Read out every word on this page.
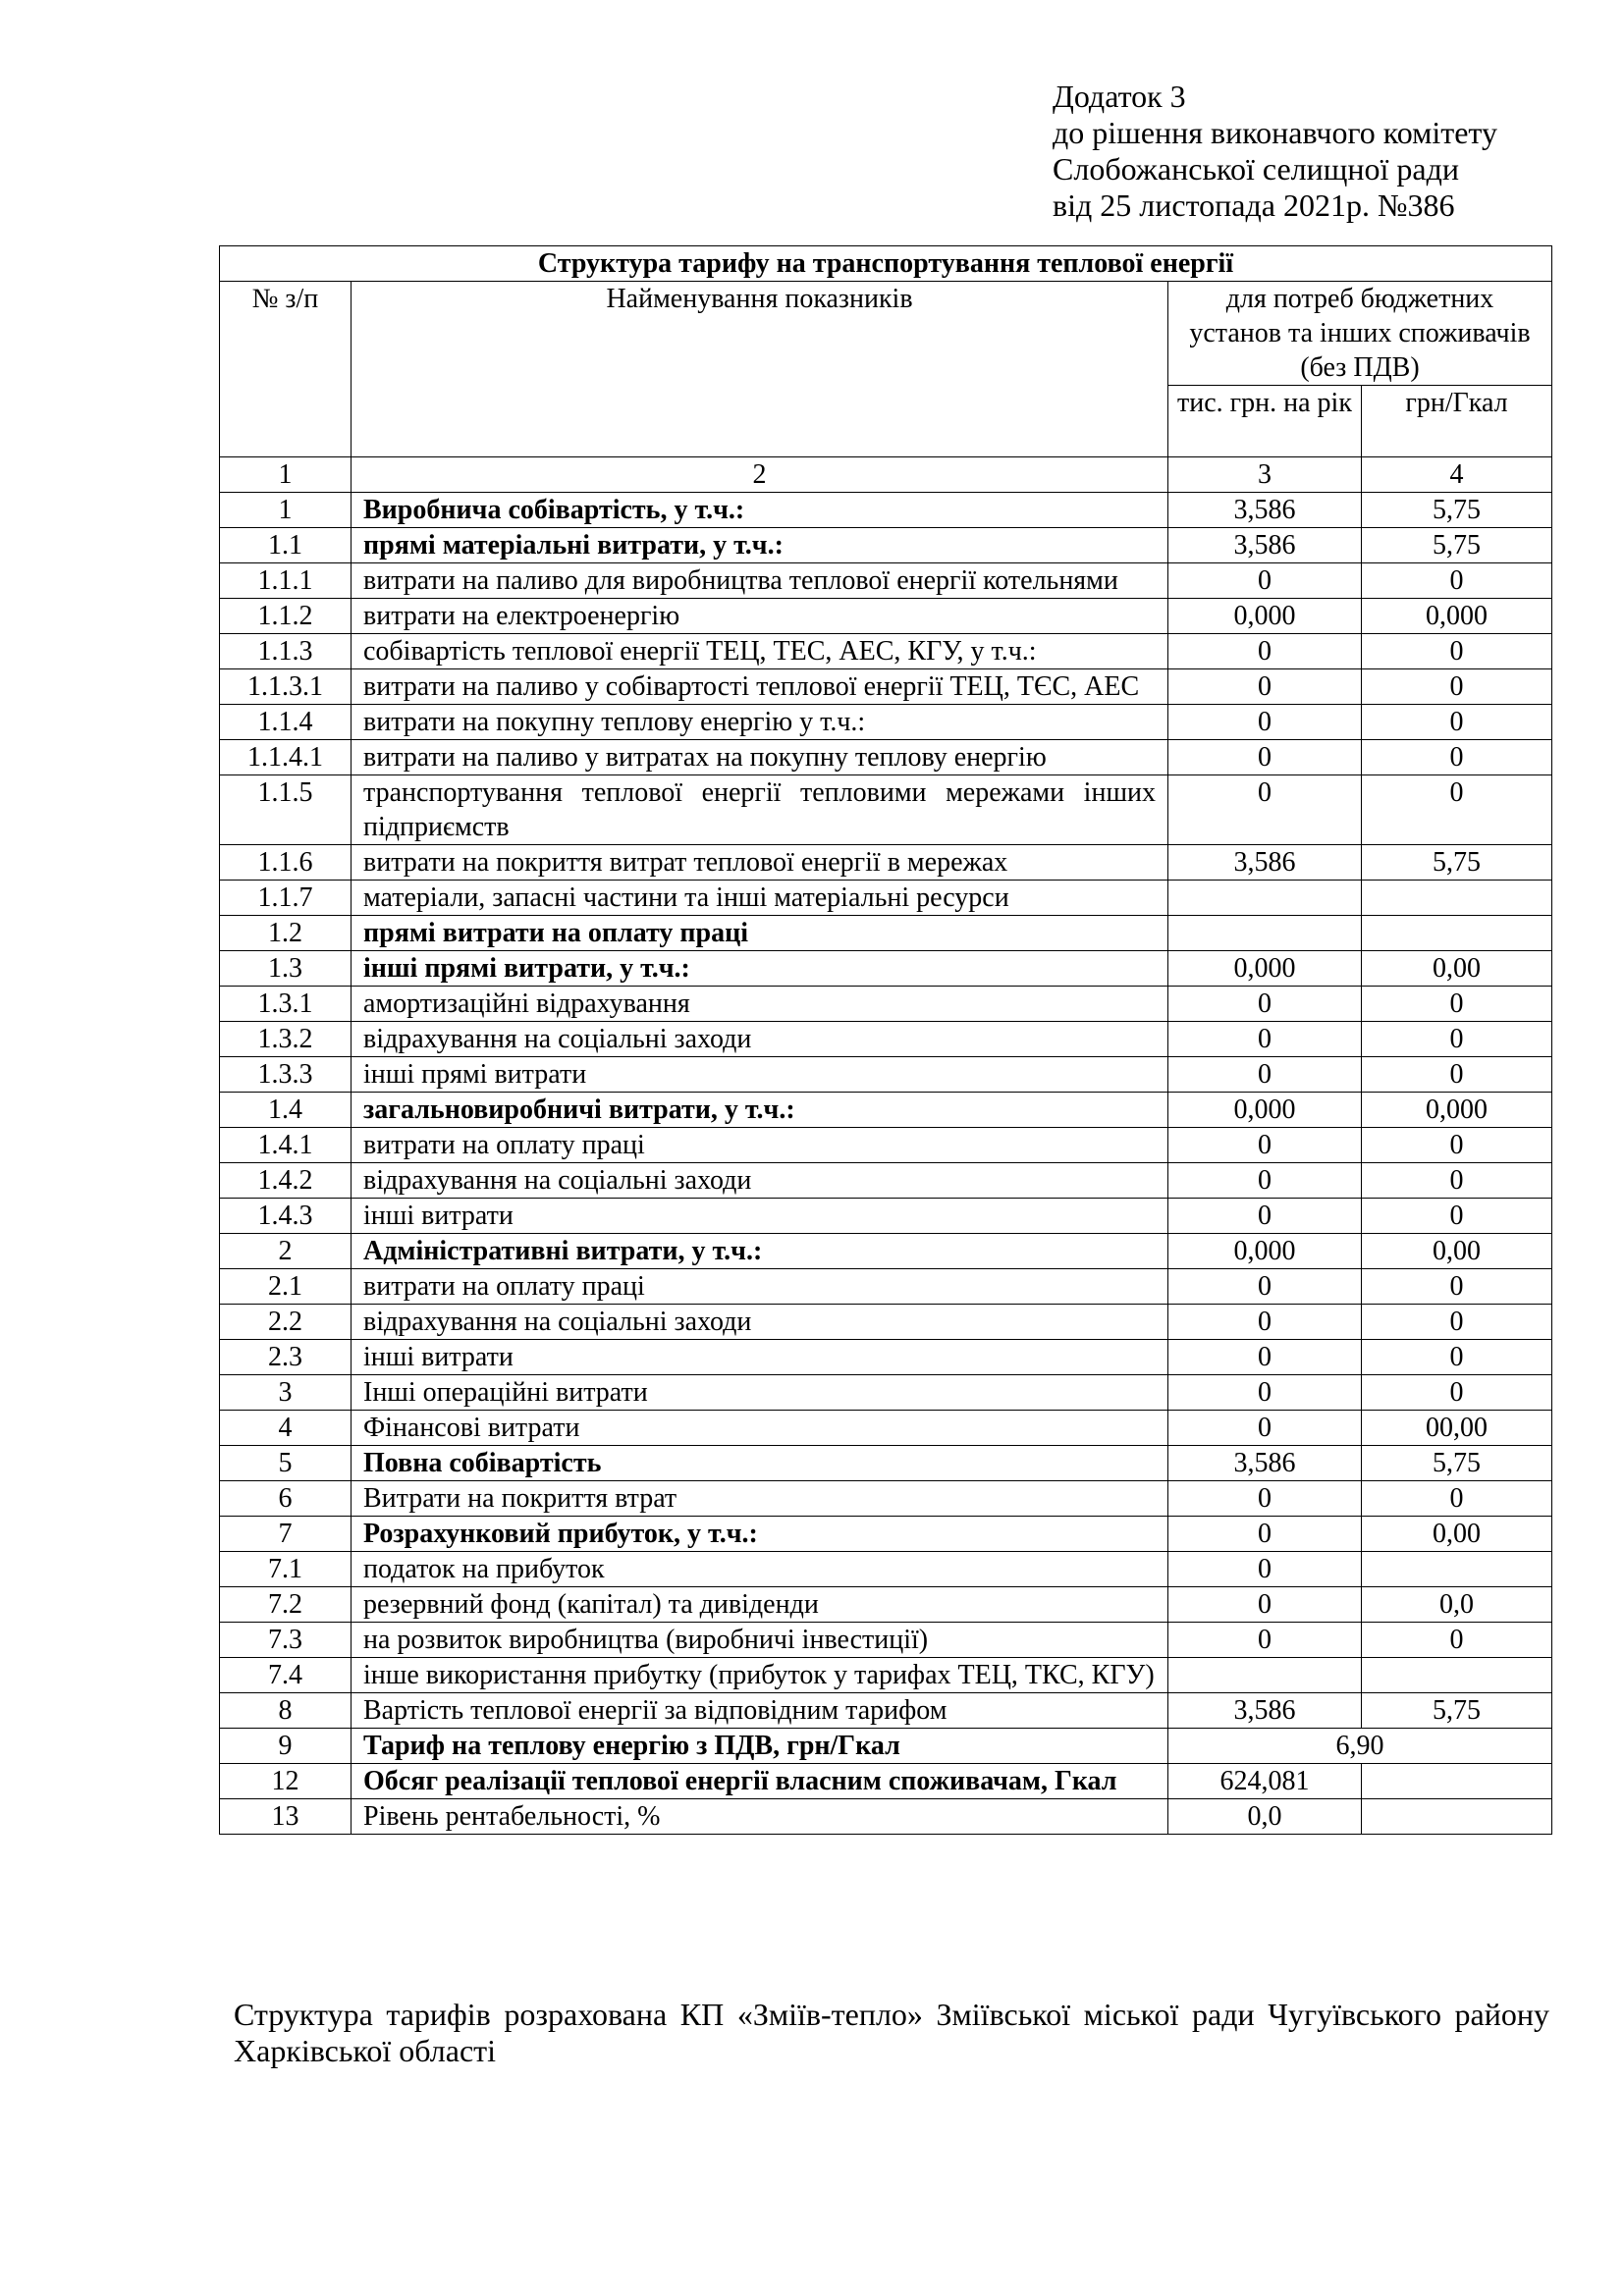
Додаток 3
до рішення виконавчого комітету
Слобожанської селищної ради
від 25 листопада 2021р. №386
Структура тарифу на транспортування теплової енергії			
№ з/п	Найменування показників	для потреб бюджетних установ та інших споживачів (без ПДВ)	
		тис. грн. на рік	грн/Гкал
1	2	3	4
1	Виробнича собівартість, у т.ч.:	3,586	5,75
1.1	прямі матеріальні витрати, у т.ч.:	3,586	5,75
1.1.1	витрати на паливо для виробництва теплової енергії котельнями	0	0
1.1.2	витрати на електроенергію	0,000	0,000
1.1.3	собівартість теплової енергії ТЕЦ, ТЕС, АЕС, КГУ, у т.ч.:	0	0
1.1.3.1	витрати на паливо у собівартості теплової енергії ТЕЦ, ТЄС, АЕС	0	0
1.1.4	витрати на покупну теплову енергію у т.ч.:	0	0
1.1.4.1	витрати на паливо у витратах на покупну теплову енергію	0	0
1.1.5	транспортування теплової енергії тепловими мережами інших підприємств	0	0
1.1.6	витрати на покриття витрат теплової енергії в мережах	3,586	5,75
1.1.7	матеріали, запасні частини та інші матеріальні ресурси		
1.2	прямі витрати на оплату праці		
1.3	інші прямі витрати, у т.ч.:	0,000	0,00
1.3.1	амортизаційні відрахування	0	0
1.3.2	відрахування на соціальні заходи	0	0
1.3.3	інші прямі витрати	0	0
1.4	загальновиробничі витрати, у т.ч.:	0,000	0,000
1.4.1	витрати на оплату праці	0	0
1.4.2	відрахування на соціальні заходи	0	0
1.4.3	інші витрати	0	0
2	Адміністративні витрати, у т.ч.:	0,000	0,00
2.1	витрати на оплату праці	0	0
2.2	відрахування на соціальні заходи	0	0
2.3	інші витрати	0	0
3	Інші операційні витрати	0	0
4	Фінансові витрати	0	00,00
5	Повна собівартість	3,586	5,75
6	Витрати на покриття втрат	0	0
7	Розрахунковий прибуток, у т.ч.:	0	0,00
7.1	податок на прибуток	0	
7.2	резервний фонд (капітал) та дивіденди	0	0,0
7.3	на розвиток виробництва (виробничі інвестиції)	0	0
7.4	інше використання прибутку (прибуток у тарифах ТЕЦ, ТКС, КГУ)		
8	Вартість теплової енергії за відповідним тарифом	3,586	5,75
9	Тариф на теплову енергію з ПДВ, грн/Гкал	6,90	
12	Обсяг реалізації теплової енергії власним споживачам, Гкал	624,081	
13	Рівень рентабельності, %	0,0	
Структура тарифів розрахована КП «Зміїв-тепло» Зміївської міської ради Чугуївського району Харківської області
